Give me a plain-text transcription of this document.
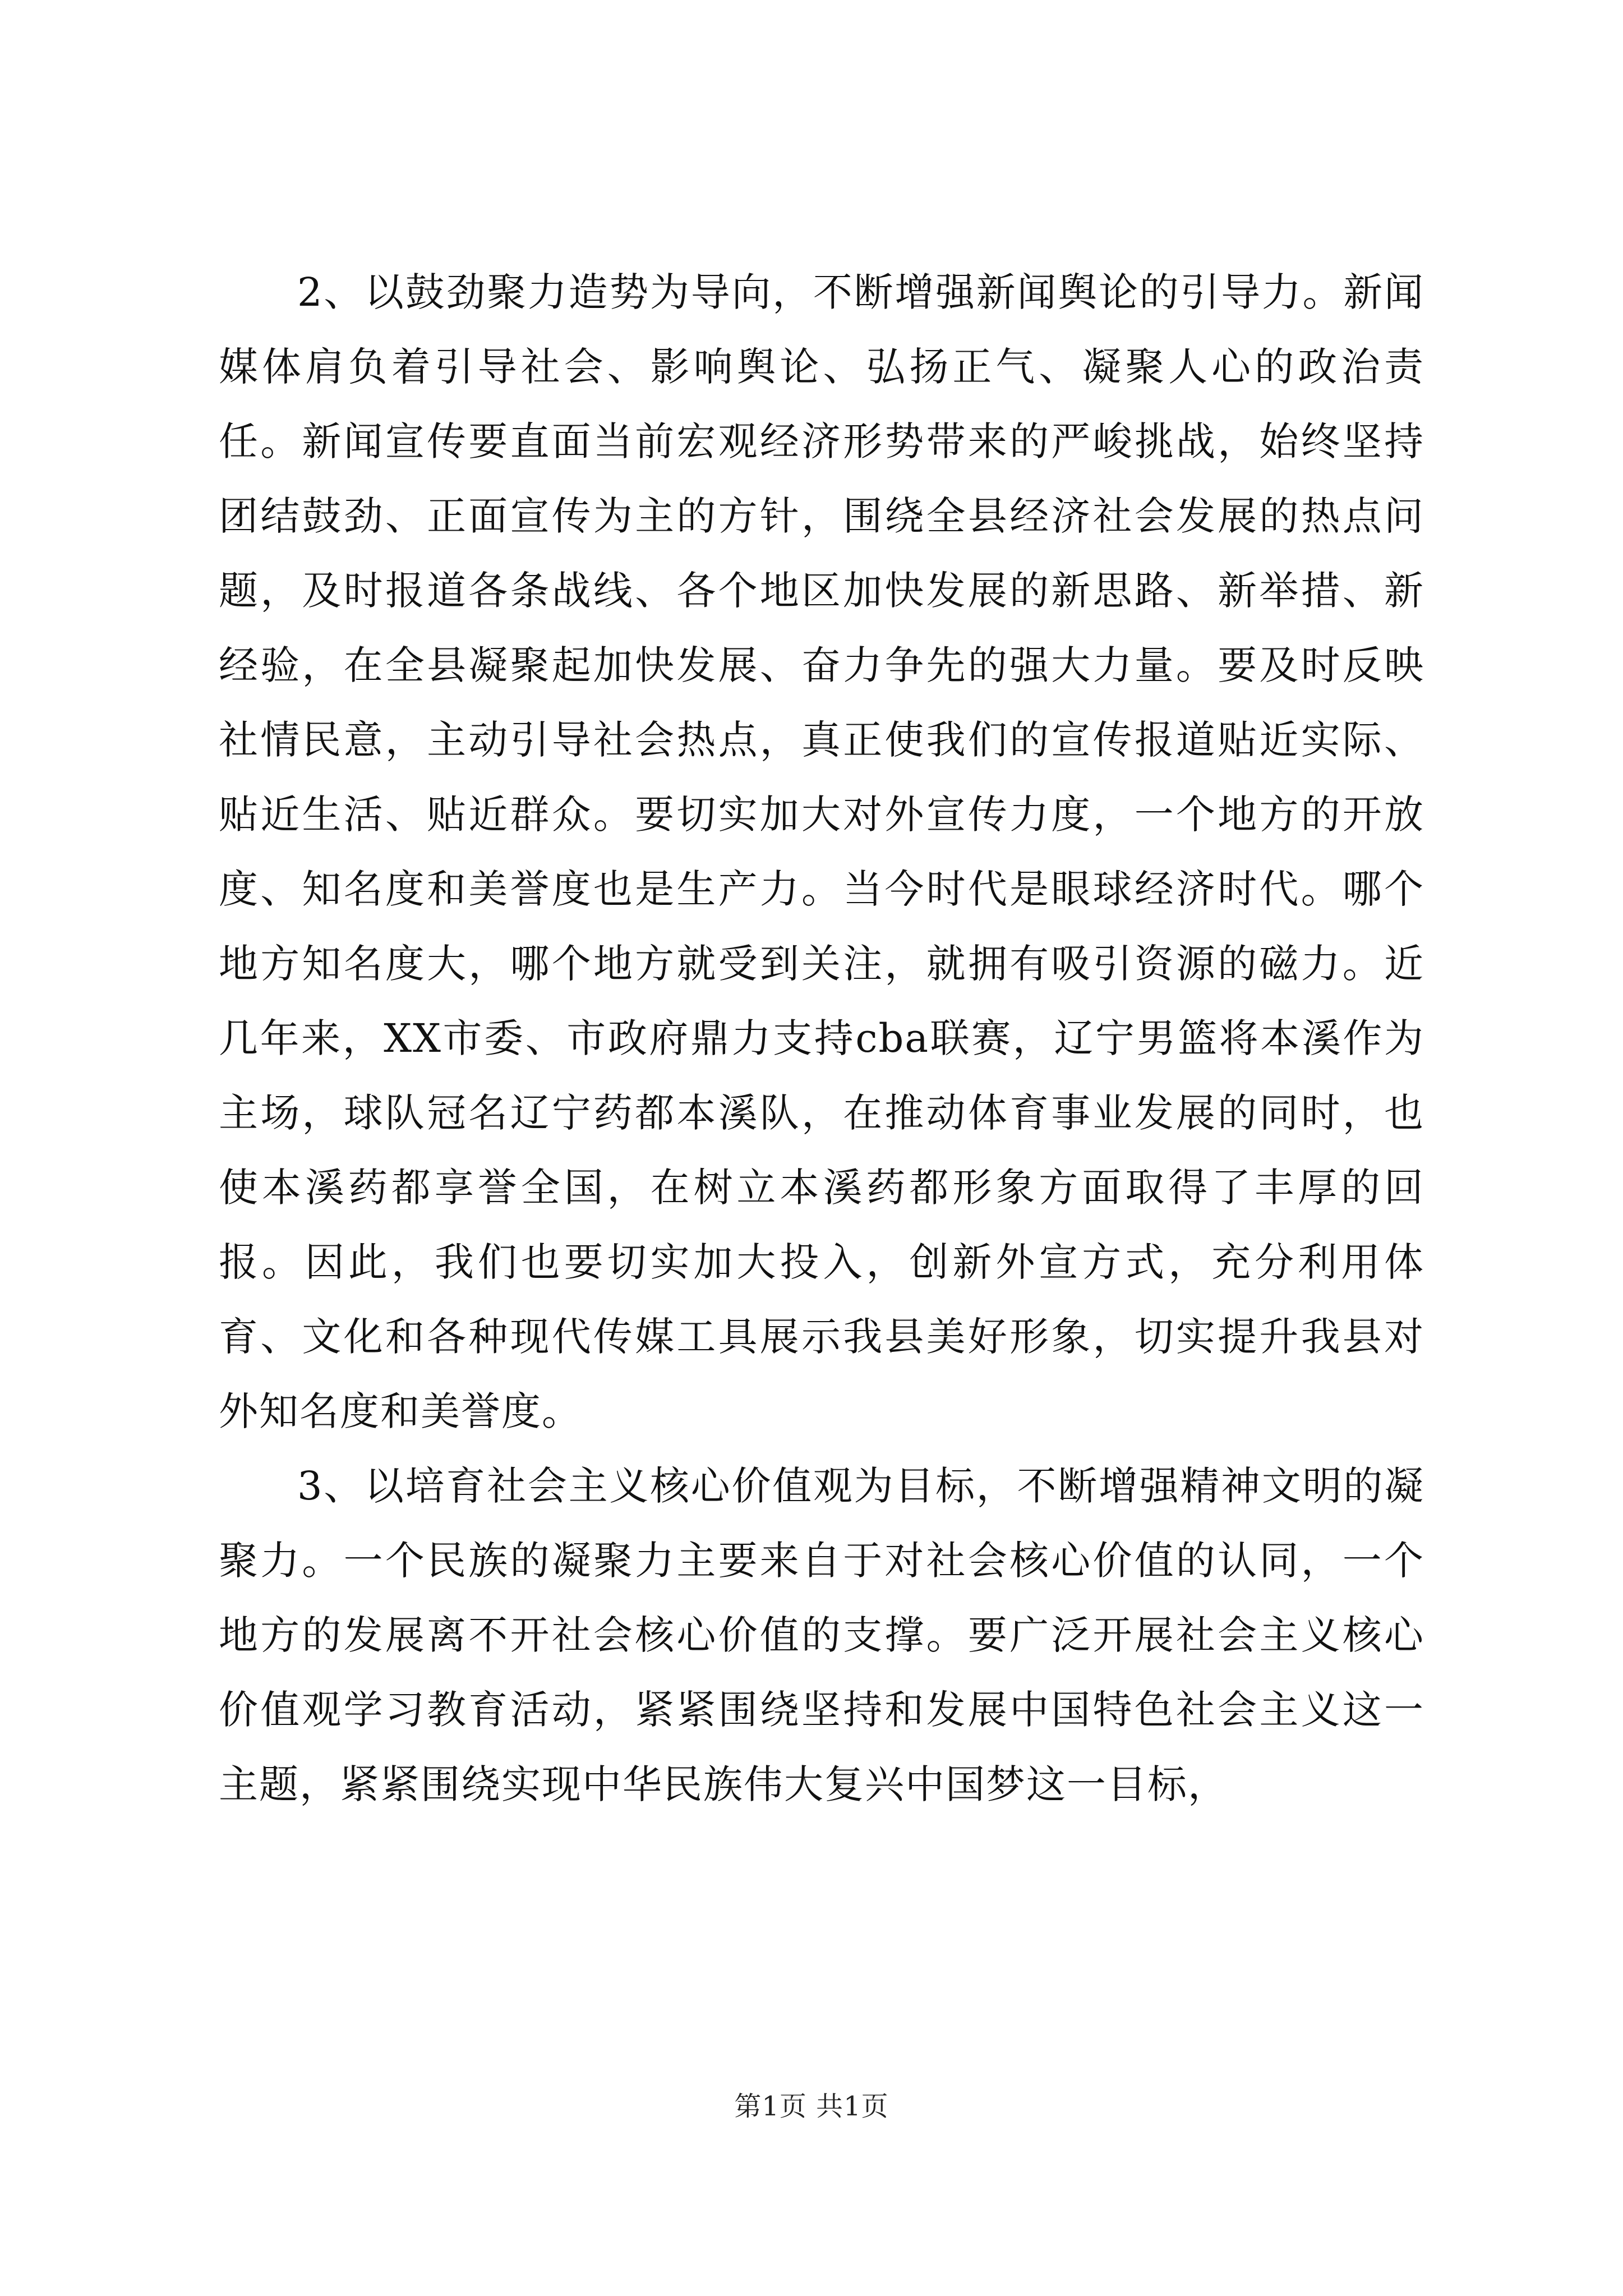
2、以鼓劲聚力造势为导向，不断增强新闻舆论的引导力。新闻媒体肩负着引导社会、影响舆论、弘扬正气、凝聚人心的政治责任。新闻宣传要直面当前宏观经济形势带来的严峻挑战，始终坚持团结鼓劲、正面宣传为主的方针，围绕全县经济社会发展的热点问题，及时报道各条战线、各个地区加快发展的新思路、新举措、新经验，在全县凝聚起加快发展、奋力争先的强大力量。要及时反映社情民意，主动引导社会热点，真正使我们的宣传报道贴近实际、贴近生活、贴近群众。要切实加大对外宣传力度，一个地方的开放度、知名度和美誉度也是生产力。当今时代是眼球经济时代。哪个地方知名度大，哪个地方就受到关注，就拥有吸引资源的磁力。近几年来，XX市委、市政府鼎力支持cba联赛，辽宁男篮将本溪作为主场，球队冠名辽宁药都本溪队，在推动体育事业发展的同时，也使本溪药都享誉全国，在树立本溪药都形象方面取得了丰厚的回报。因此，我们也要切实加大投入，创新外宣方式，充分利用体育、文化和各种现代传媒工具展示我县美好形象，切实提升我县对外知名度和美誉度。

3、以培育社会主义核心价值观为目标，不断增强精神文明的凝聚力。一个民族的凝聚力主要来自于对社会核心价值的认同，一个地方的发展离不开社会核心价值的支撑。要广泛开展社会主义核心价值观学习教育活动，紧紧围绕坚持和发展中国特色社会主义这一主题，紧紧围绕实现中华民族伟大复兴中国梦这一目标，

第1页 共1页
